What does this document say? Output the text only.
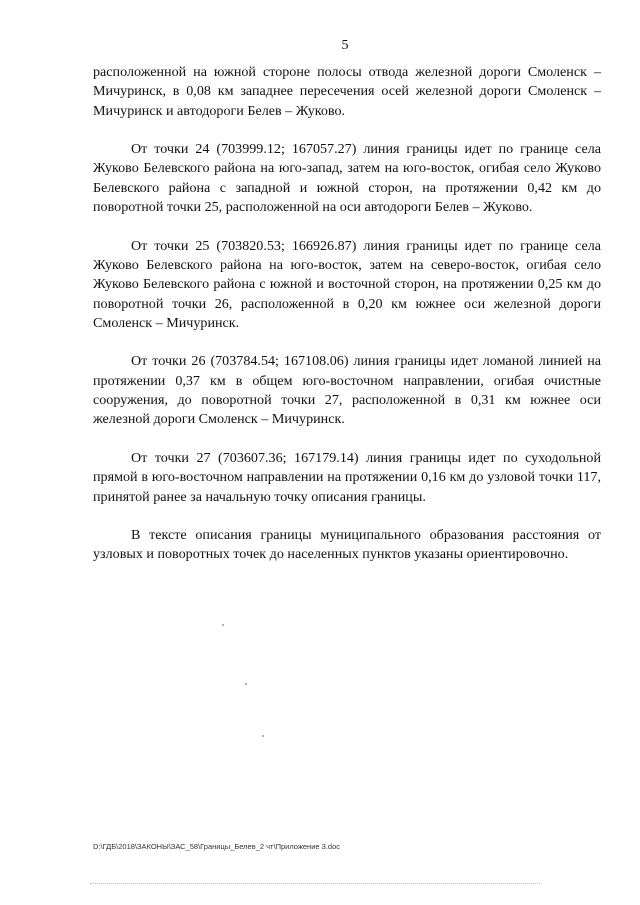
5

расположенной на южной стороне полосы отвода железной дороги Смоленск – Мичуринск, в 0,08 км западнее пересечения осей железной дороги Смоленск – Мичуринск и автодороги Белев – Жуково.

От точки 24 (703999.12; 167057.27) линия границы идет по границе села Жуково Белевского района на юго-запад, затем на юго-восток, огибая село Жуково Белевского района с западной и южной сторон, на протяжении 0,42 км до поворотной точки 25, расположенной на оси автодороги Белев – Жуково.

От точки 25 (703820.53; 166926.87) линия границы идет по границе села Жуково Белевского района на юго-восток, затем на северо-восток, огибая село Жуково Белевского района с южной и восточной сторон, на протяжении 0,25 км до поворотной точки 26, расположенной в 0,20 км южнее оси железной дороги Смоленск – Мичуринск.

От точки 26 (703784.54; 167108.06) линия границы идет ломаной линией на протяжении 0,37 км в общем юго-восточном направлении, огибая очистные сооружения, до поворотной точки 27, расположенной в 0,31 км южнее оси железной дороги Смоленск – Мичуринск.

От точки 27 (703607.36; 167179.14) линия границы идет по суходольной прямой в юго-восточном направлении на протяжении 0,16 км до узловой точки 117, принятой ранее за начальную точку описания границы.

В тексте описания границы муниципального образования расстояния от узловых и поворотных точек до населенных пунктов указаны ориентировочно.

D:\ГДБ\2018\ЗАКОНЫ\ЗАС_58\Границы_Белев_2 чт\Приложение 3.doc
